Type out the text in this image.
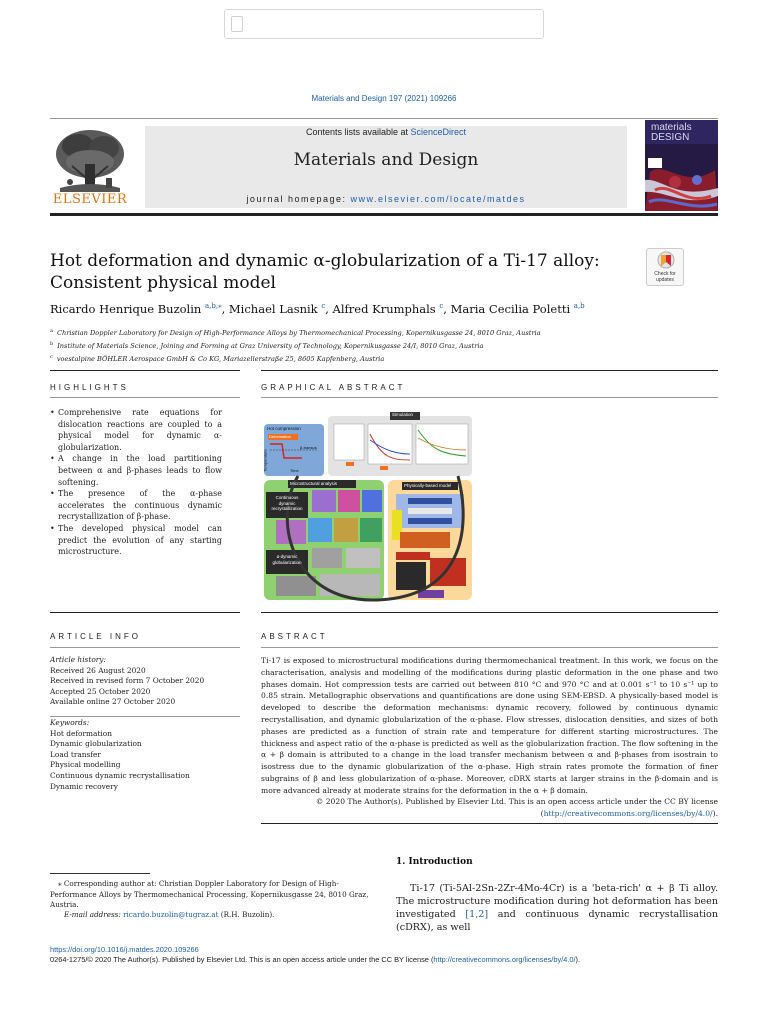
Materials and Design 197 (2021) 109266
ELSEVIER
Contents lists available at ScienceDirect
Materials and Design
journal homepage: www.elsevier.com/locate/matdes
materials DESIGN
Hot deformation and dynamic α-globularization of a Ti-17 alloy:
Consistent physical model	Check for updates
Ricardo Henrique Buzolin $^{a,b,⁎}$, Michael Lasnik $^c$, Alfred Krumphals $^c$, Maria Cecilia Poletti $^{a,b}$
$^a$ Christian Doppler Laboratory for Design of High-Performance Alloys by Thermomechanical Processing, Kopernikusgasse 24, 8010 Graz, Austria
$^b$ Institute of Materials Science, Joining and Forming at Graz University of Technology, Kopernikusgasse 24/I, 8010 Graz, Austria
$^c$ voestalpine BÖHLER Aerospace GmbH & Co KG, Mariazellerstraße 25, 8605 Kapfenberg, Austria
HIGHLIGHTS	GRAPHICAL ABSTRACT
• Comprehensive rate equations for dislocation reactions are coupled to a physical model for dynamic α-globularization.
• A change in the load partitioning between α and β-phases leads to flow softening.
• The presence of the α-phase accelerates the continuous dynamic recrystallization of β-phase.
• The developed physical model can predict the evolution of any starting microstructure.
Hot compression
Deformation
β-transus
Temperature	Time
Simulation
Microstructural analysis
Continuous dynamic recrystallization
α-dynamic globularization
Physically-based model
ARTICLE INFO	ABSTRACT
Article history:
Received 26 August 2020
Received in revised form 7 October 2020
Accepted 25 October 2020
Available online 27 October 2020
Keywords:
Hot deformation
Dynamic globularization
Load transfer
Physical modelling
Continuous dynamic recrystallisation
Dynamic recovery
Ti-17 is exposed to microstructural modifications during thermomechanical treatment. In this work, we focus on the characterisation, analysis and modelling of the modifications during plastic deformation in the one phase and two phases domain. Hot compression tests are carried out between 810 °C and 970 °C and at 0.001 s⁻¹ to 10 s⁻¹ up to 0.85 strain. Metallographic observations and quantifications are done using SEM-EBSD. A physically-based model is developed to describe the deformation mechanisms: dynamic recovery, followed by continuous dynamic recrystallisation, and dynamic globularization of the α-phase. Flow stresses, dislocation densities, and sizes of both phases are predicted as a function of strain rate and temperature for different starting microstructures. The thickness and aspect ratio of the α-phase is predicted as well as the globularization fraction. The flow softening in the α + β domain is attributed to a change in the load transfer mechanism between α and β-phases from isostrain to isostress due to the dynamic globularization of the α-phase. High strain rates promote the formation of finer subgrains of β and less globularization of α-phase. Moreover, cDRX starts at larger strains in the β-domain and is more advanced already at moderate strains for the deformation in the α + β domain.
© 2020 The Author(s). Published by Elsevier Ltd. This is an open access article under the CC BY license (http://creativecommons.org/licenses/by/4.0/).
1. Introduction
Ti-17 (Ti-5Al-2Sn-2Zr-4Mo-4Cr) is a 'beta-rich' α + β Ti alloy. The microstructure modification during hot deformation has been investigated [1,2] and continuous dynamic recrystallisation (cDRX), as well
⁎ Corresponding author at: Christian Doppler Laboratory for Design of High-Performance Alloys by Thermomechanical Processing, Kopernikusgasse 24, 8010 Graz, Austria.
E-mail address: ricardo.buzolin@tugraz.at (R.H. Buzolin).
https://doi.org/10.1016/j.matdes.2020.109266
0264-1275/© 2020 The Author(s). Published by Elsevier Ltd. This is an open access article under the CC BY license (http://creativecommons.org/licenses/by/4.0/).
